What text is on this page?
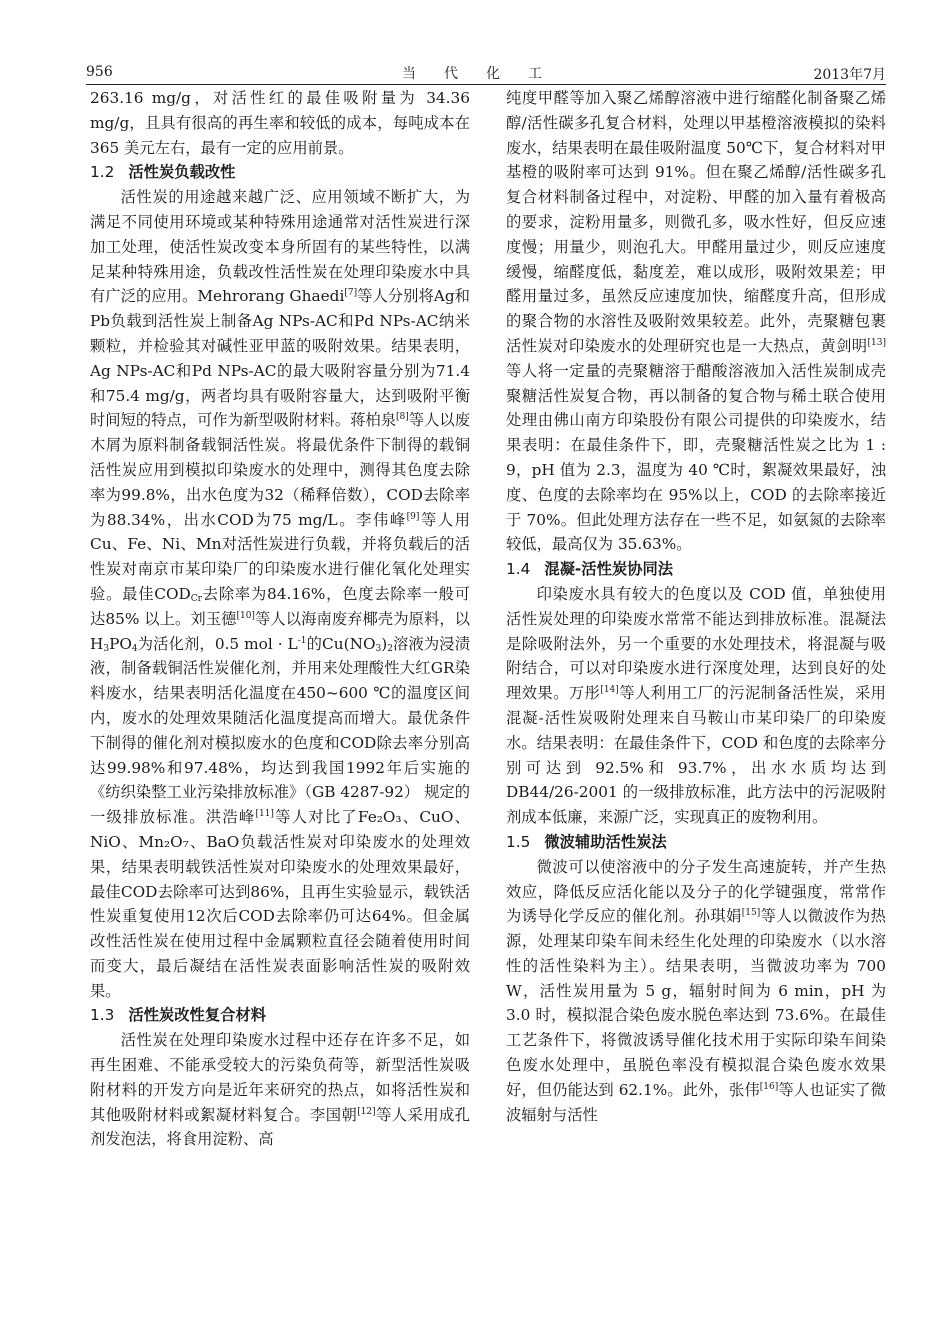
956	当代化工	2013年7月

263.16 mg/g，对活性红的最佳吸附量为 34.36 mg/g，且具有很高的再生率和较低的成本，每吨成本在 365 美元左右，最有一定的应用前景。

1.2 活性炭负载改性

活性炭的用途越来越广泛、应用领域不断扩大，为满足不同使用环境或某种特殊用途通常对活性炭进行深加工处理，使活性炭改变本身所固有的某些特性，以满足某种特殊用途，负载改性活性炭在处理印染废水中具有广泛的应用。Mehrorang Ghaedi[7]等人分别将Ag和Pb负载到活性炭上制备Ag NPs-AC和Pd NPs-AC纳米颗粒，并检验其对碱性亚甲蓝的吸附效果。结果表明，Ag NPs-AC和Pd NPs-AC的最大吸附容量分别为71.4和75.4 mg/g，两者均具有吸附容量大，达到吸附平衡时间短的特点，可作为新型吸附材料。蒋柏泉[8]等人以废木屑为原料制备载铜活性炭。将最优条件下制得的载铜活性炭应用到模拟印染废水的处理中，测得其色度去除率为99.8%，出水色度为32（稀释倍数），COD去除率为88.34%，出水COD为75 mg/L。李伟峰[9]等人用Cu、Fe、Ni、Mn对活性炭进行负载，并将负载后的活性炭对南京市某印染厂的印染废水进行催化氧化处理实验。最佳$COD_{Cr}$去除率为84.16%，色度去除率一般可达85% 以上。刘玉德[10]等人以海南废弃椰壳为原料，以$H_3PO_4$为活化剂，0.5 mol · $L^{-1}$的$Cu(NO_3)_2$溶液为浸渍液，制备载铜活性炭催化剂，并用来处理酸性大红GR染料废水，结果表明活化温度在450~600 ℃的温度区间内，废水的处理效果随活化温度提高而增大。最优条件下制得的催化剂对模拟废水的色度和COD除去率分别高达99.98%和97.48%，均达到我国1992年后实施的《纺织染整工业污染排放标准》（GB 4287-92） 规定的一级排放标准。洪浩峰[11]等人对比了Fe₂O₃、CuO、NiO、Mn₂O₇、BaO负载活性炭对印染废水的处理效果，结果表明载铁活性炭对印染废水的处理效果最好，最佳COD去除率可达到86%，且再生实验显示，载铁活性炭重复使用12次后COD去除率仍可达64%。但金属改性活性炭在使用过程中金属颗粒直径会随着使用时间而变大，最后凝结在活性炭表面影响活性炭的吸附效果。

1.3 活性炭改性复合材料

活性炭在处理印染废水过程中还存在许多不足，如再生困难、不能承受较大的污染负荷等，新型活性炭吸附材料的开发方向是近年来研究的热点，如将活性炭和其他吸附材料或絮凝材料复合。李国朝[12]等人采用成孔剂发泡法，将食用淀粉、高

纯度甲醛等加入聚乙烯醇溶液中进行缩醛化制备聚乙烯醇/活性碳多孔复合材料，处理以甲基橙溶液模拟的染料废水，结果表明在最佳吸附温度 50℃下，复合材料对甲基橙的吸附率可达到 91%。但在聚乙烯醇/活性碳多孔复合材料制备过程中，对淀粉、甲醛的加入量有着极高的要求，淀粉用量多，则微孔多，吸水性好，但反应速度慢；用量少，则泡孔大。甲醛用量过少，则反应速度缓慢，缩醛度低，黏度差，难以成形，吸附效果差；甲醛用量过多，虽然反应速度加快，缩醛度升高，但形成的聚合物的水溶性及吸附效果较差。此外，壳聚糖包裹活性炭对印染废水的处理研究也是一大热点，黄剑明[13]等人将一定量的壳聚糖溶于醋酸溶液加入活性炭制成壳聚糖活性炭复合物，再以制备的复合物与稀土联合使用处理由佛山南方印染股份有限公司提供的印染废水，结果表明：在最佳条件下，即，壳聚糖活性炭之比为 1 : 9，pH 值为 2.3，温度为 40 ℃时，絮凝效果最好，浊度、色度的去除率均在 95%以上，COD 的去除率接近于 70%。但此处理方法存在一些不足，如氨氮的去除率较低，最高仅为 35.63%。

1.4 混凝-活性炭协同法

印染废水具有较大的色度以及 COD 值，单独使用活性炭处理的印染废水常常不能达到排放标准。混凝法是除吸附法外，另一个重要的水处理技术，将混凝与吸附结合，可以对印染废水进行深度处理，达到良好的处理效果。万彤[14]等人利用工厂的污泥制备活性炭，采用混凝-活性炭吸附处理来自马鞍山市某印染厂的印染废水。结果表明：在最佳条件下，COD 和色度的去除率分别可达到 92.5%和 93.7%，出水水质均达到 DB44/26-2001 的一级排放标准，此方法中的污泥吸附剂成本低廉，来源广泛，实现真正的废物利用。

1.5 微波辅助活性炭法

微波可以使溶液中的分子发生高速旋转，并产生热效应，降低反应活化能以及分子的化学键强度，常常作为诱导化学反应的催化剂。孙琪娟[15]等人以微波作为热源，处理某印染车间未经生化处理的印染废水（以水溶性的活性染料为主）。结果表明，当微波功率为 700 W，活性炭用量为 5 g，辐射时间为 6 min，pH 为 3.0 时，模拟混合染色废水脱色率达到 73.6%。在最佳工艺条件下，将微波诱导催化技术用于实际印染车间染色废水处理中，虽脱色率没有模拟混合染色废水效果好，但仍能达到 62.1%。此外，张伟[16]等人也证实了微波辐射与活性
